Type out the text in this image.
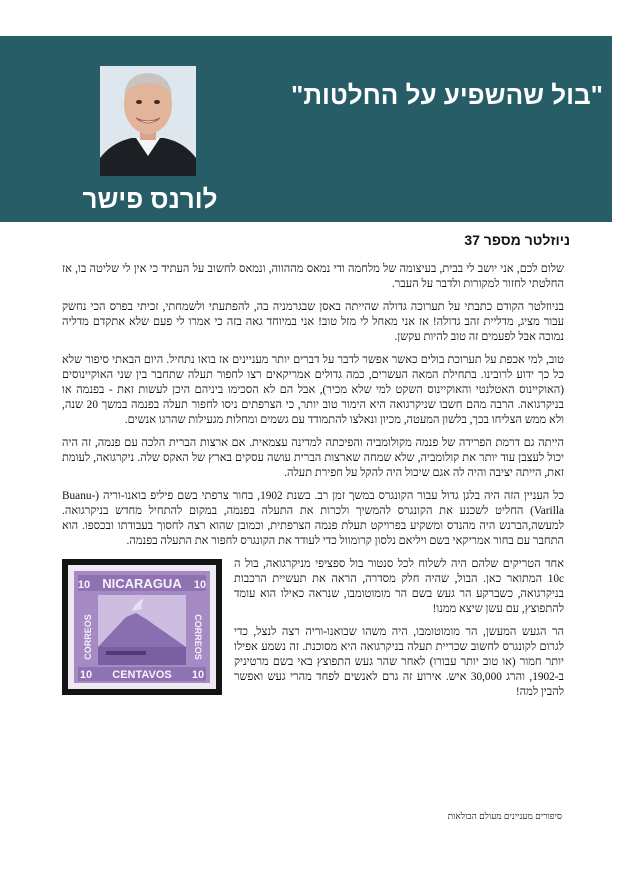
"בול שהשפיע על החלטות"
לורנס פישר
ניוזלטר מספר 37

שלום לכם, אני יושב לי בבית, בעיצומה של מלחמה ודי נמאס מההווה, ונמאס לחשוב על העתיד כי אין לי שליטה בו, אז החלטתי לחזור למקורות ולדבר על העבר.

בניוזלטר הקודם כתבתי על תערוכה גדולה שהייתה באסן שבגרמניה בה, להפתעתי ולשמחתי, זכיתי בפרס הכי נחשק עבור מציג, מדליית זהב גדולה! אז אני מאחל לי מזל טוב! אני במיוחד גאה בזה כי אמרו לי פעם שלא אתקדם מדליה נמוכה אבל לפעמים זה טוב להיות עקשן.

טוב, למי אכפת על תערוכת בולים כאשר אפשר לדבר על דברים יותר מעניינים אז בואו נתחיל. היום הבאתי סיפור שלא כל כך ידוע לרובינו. בתחילת המאה העשרים, כמה גדולים אמריקאים רצו לחפור תעלה שתחבר בין שני האוקיינוסים (האוקיינוס האטלנטי והאוקיינוס השקט למי שלא מכיר), אבל הם לא הסכימו ביניהם היכן לעשות זאת - בפנמה או בניקרגואה. הרבה מהם חשבו שניקרגואה היא הימור טוב יותר, כי הצרפתים ניסו לחפור תעלה בפנמה במשך 20 שנה, ולא ממש הצליחו בכך, בלשון המעטה, מכיון ונאלצו להתמודד עם גשמים ומחלות מגעילות שהרגו אנשים.

הייתה גם דרמת הפרידה של פנמה מקולומביה והפיכתה למדינה עצמאית. אם ארצות הברית הלכה עם פנמה, זה היה יכול לעצבן עוד יותר את קולומביה, שלא שמחה שארצות הברית עושה עסקים בארץ של האקס שלה. ניקרגואה, לעומת זאת, הייתה יציבה והיה לה אגם שיכול היה להקל על חפירת תעלה.

כל העניין הזה היה בלגן גדול עבור הקונגרס במשך זמן רב. בשנת 1902, בחור צרפתי בשם פיליפ בואנו-וריה (Buanu-Varilla) החליט לשכנע את הקונגרס להמשיך ולכרות את התעלה בפנמה, במקום להתחיל מחדש בניקרגואה. למעשה,הברנש היה מהנדס ומשקיע בפרויקט תעלת פנמה הצרפתית, וכמובן שהוא רצה לחסוך בעבודתו ובכספו. הוא התחבר עם בחור אמריקאי בשם ויליאם נלסון קרומוול כדי לעודד את הקונגרס לחפור את התעלה בפנמה.

NICARAGUA
10	10
CORREOS	CORREOS
CENTAVOS
10	10

אחד הטריקים שלהם היה לשלוח לכל סנטור בול ספציפי מניקרגואה, בול ה 10c המתואר כאן. הבול, שהיה חלק מסדרה, הראה את תעשיית הרכבות בניקרגואה, כשברקע הר געש בשם הר מומוטומבו, שנראה כאילו הוא עומד להתפוצץ, עם עשן שיצא ממנו!

הר הגעש המעשן, הר מומוטומבו, היה משהו שבואנו-וריה רצה לנצל, כדי לגרום לקונגרס לחשוב שכריית תעלה בניקרגואה היא מסוכנת. זה נשמע אפילו יותר חמור (או טוב יותר עבורו) לאחר שהר געש התפוצץ באי בשם מרטיניק ב-1902, והרג 30,000 איש. אירוע זה גרם לאנשים לפחד מהרי געש ואפשר להבין למה!

סיפורים מעניינים מעולם הבולאות
